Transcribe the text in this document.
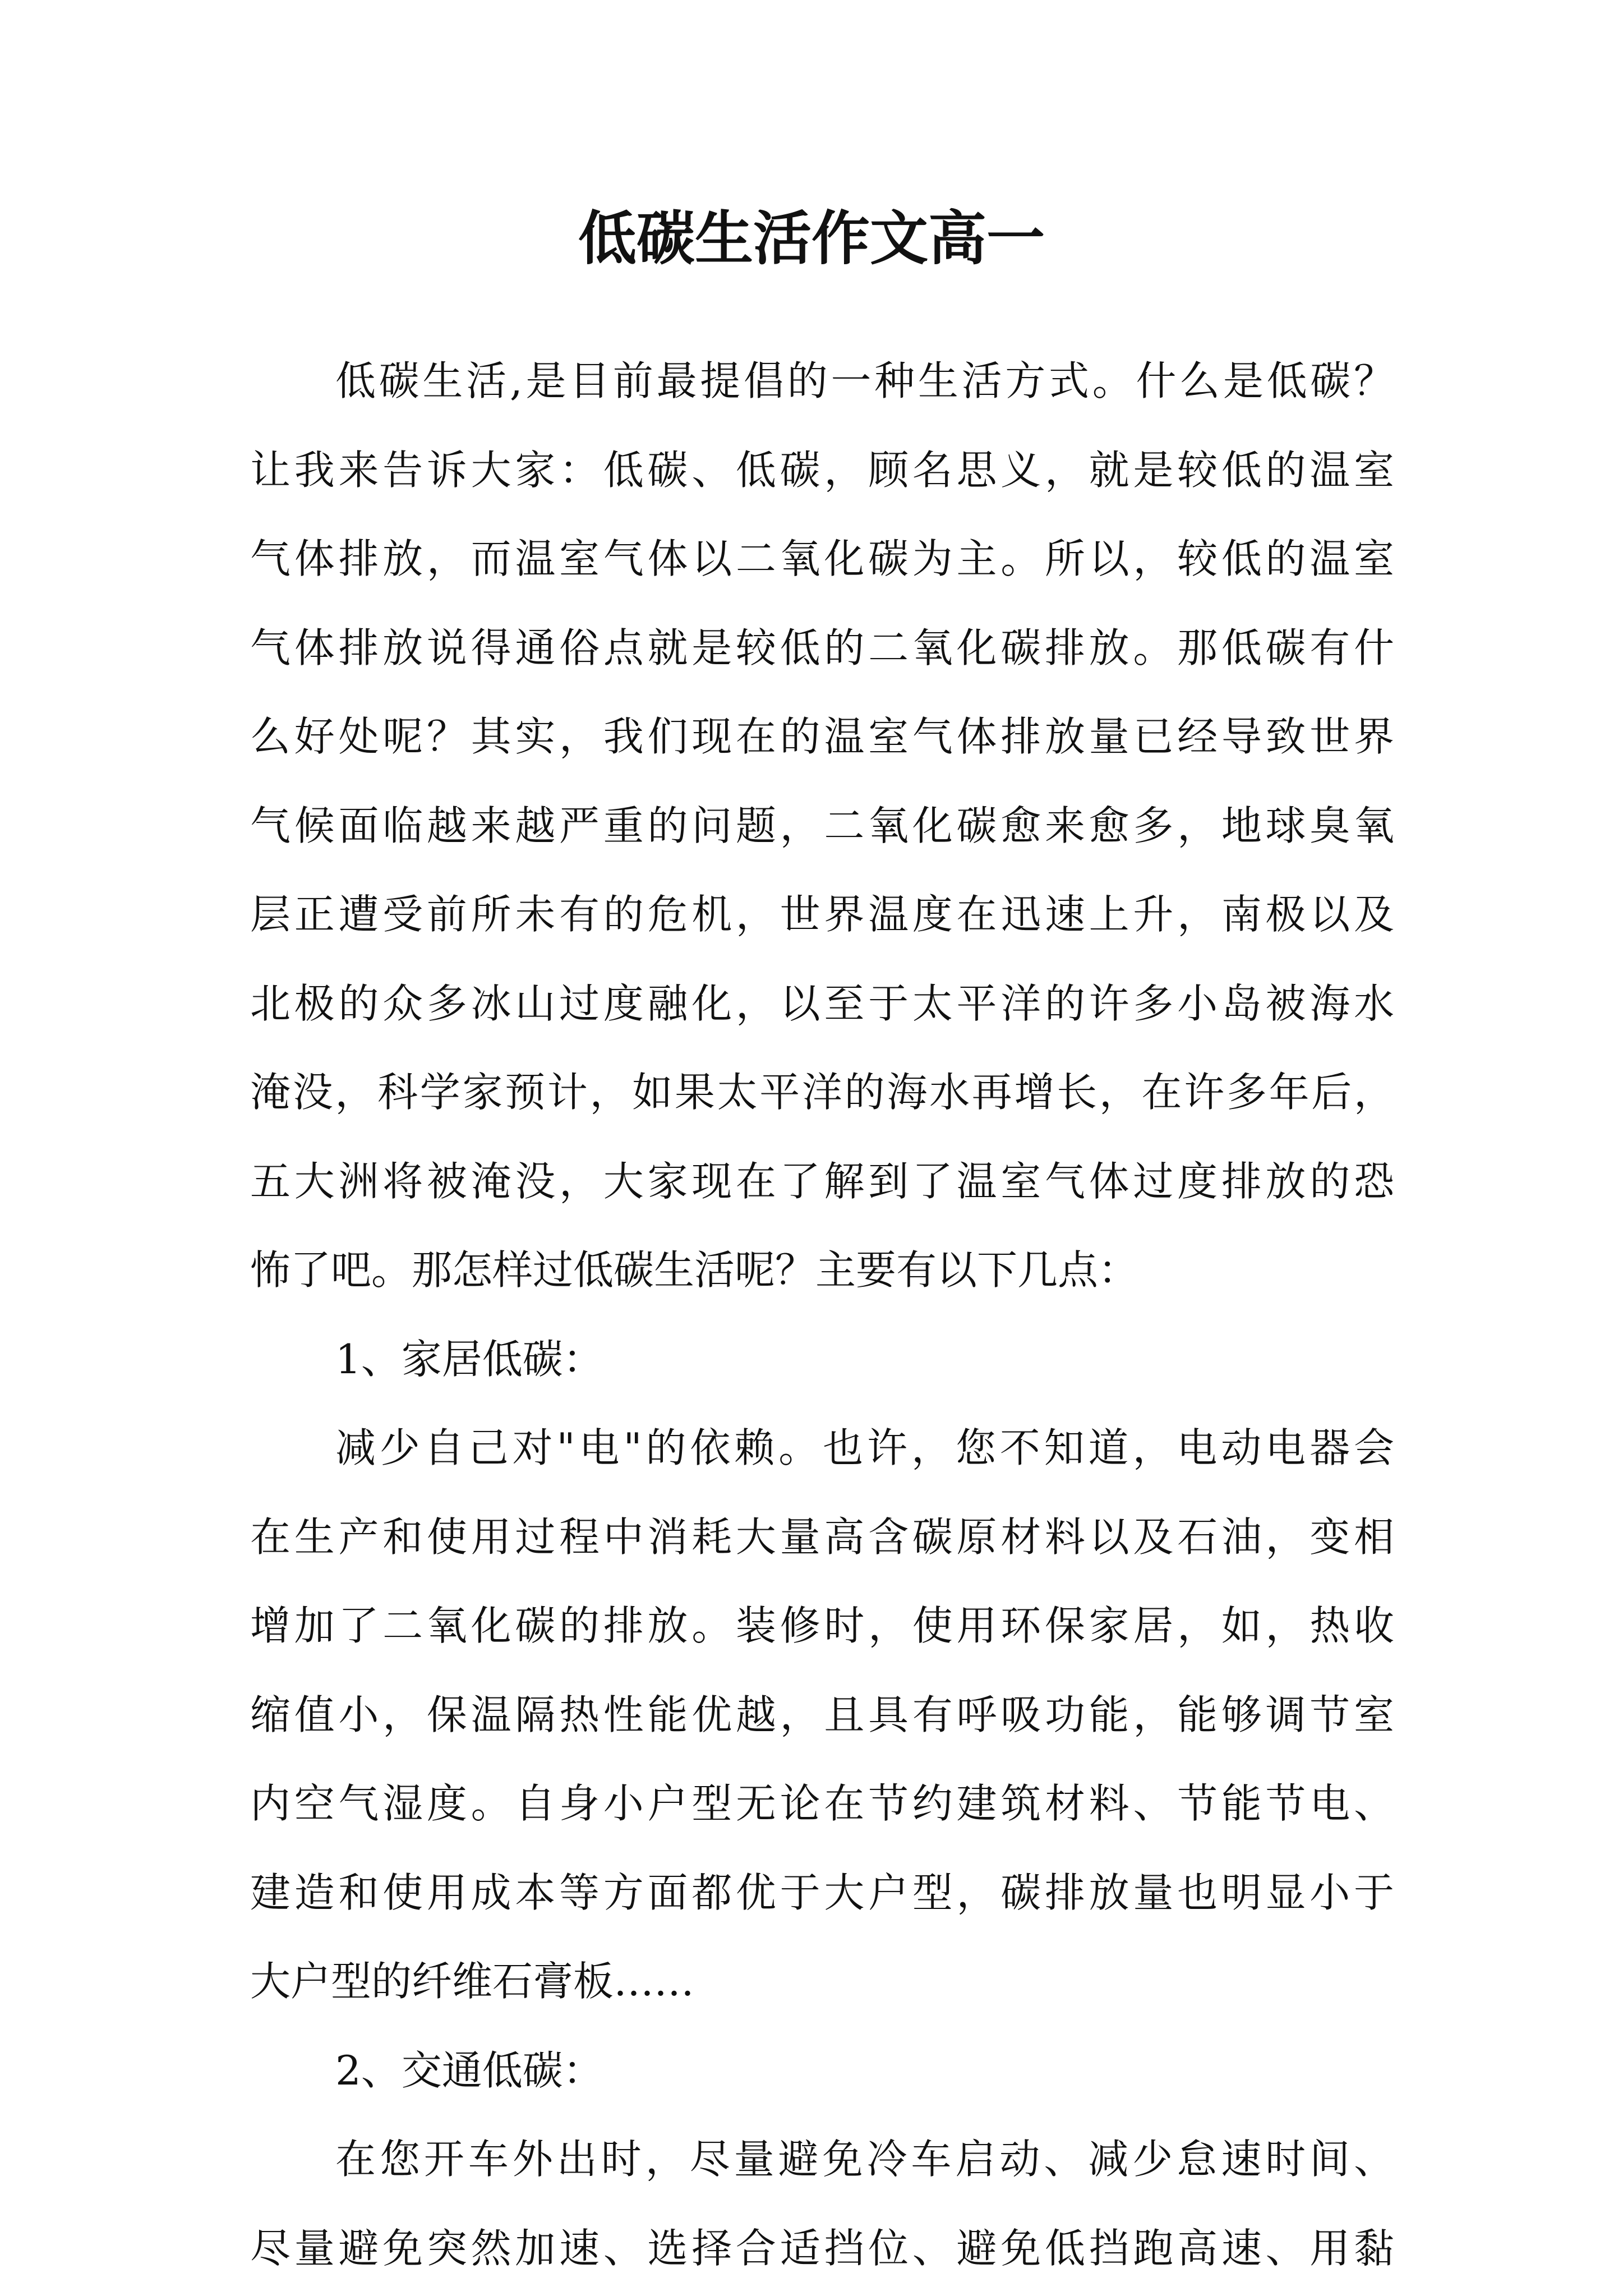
低碳生活作文高一
低碳生活,是目前最提倡的一种生活方式。什么是低碳？
让我来告诉大家：低碳、低碳，顾名思义，就是较低的温室
气体排放，而温室气体以二氧化碳为主。所以，较低的温室
气体排放说得通俗点就是较低的二氧化碳排放。那低碳有什
么好处呢？其实，我们现在的温室气体排放量已经导致世界
气候面临越来越严重的问题，二氧化碳愈来愈多，地球臭氧
层正遭受前所未有的危机，世界温度在迅速上升，南极以及
北极的众多冰山过度融化，以至于太平洋的许多小岛被海水
淹没，科学家预计，如果太平洋的海水再增长，在许多年后，
五大洲将被淹没，大家现在了解到了温室气体过度排放的恐
怖了吧。那怎样过低碳生活呢？主要有以下几点：
1、家居低碳：
减少自己对"电"的依赖。也许，您不知道，电动电器会
在生产和使用过程中消耗大量高含碳原材料以及石油，变相
增加了二氧化碳的排放。装修时，使用环保家居，如，热收
缩值小，保温隔热性能优越，且具有呼吸功能，能够调节室
内空气湿度。自身小户型无论在节约建筑材料、节能节电、
建造和使用成本等方面都优于大户型，碳排放量也明显小于
大户型的纤维石膏板……
2、交通低碳：
在您开车外出时，尽量避免冷车启动、减少怠速时间、
尽量避免突然加速、选择合适挡位、避免低挡跑高速、用黏
